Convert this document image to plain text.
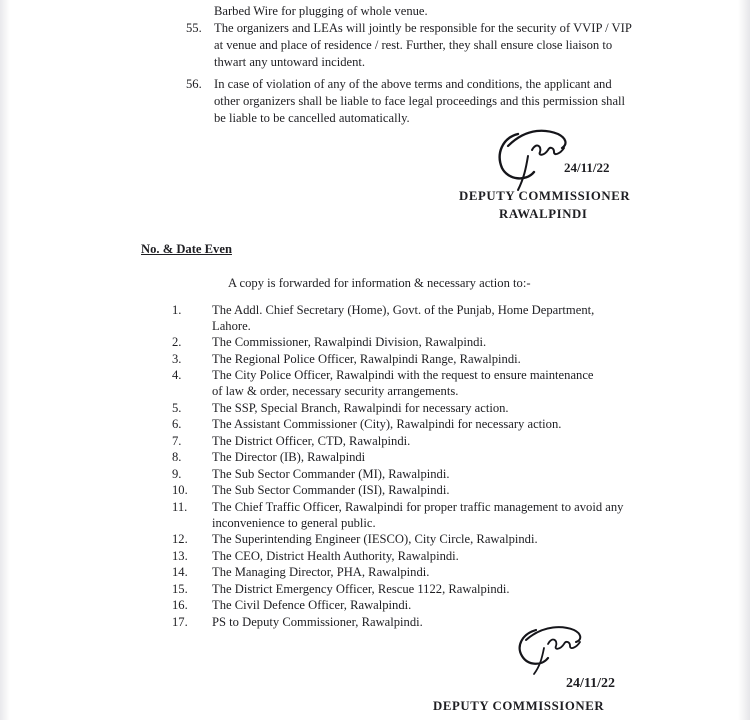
Barbed Wire for plugging of whole venue.
55. The organizers and LEAs will jointly be responsible for the security of VVIP / VIP
at venue and place of residence / rest. Further, they shall ensure close liaison to
thwart any untoward incident.
56. In case of violation of any of the above terms and conditions, the applicant and
other organizers shall be liable to face legal proceedings and this permission shall
be liable to be cancelled automatically.
24/11/22
DEPUTY COMMISSIONER
RAWALPINDI
No. & Date Even
A copy is forwarded for information & necessary action to:-
1. The Addl. Chief Secretary (Home), Govt. of the Punjab, Home Department,
Lahore.
2. The Commissioner, Rawalpindi Division, Rawalpindi.
3. The Regional Police Officer, Rawalpindi Range, Rawalpindi.
4. The City Police Officer, Rawalpindi with the request to ensure maintenance
of law & order, necessary security arrangements.
5. The SSP, Special Branch, Rawalpindi for necessary action.
6. The Assistant Commissioner (City), Rawalpindi for necessary action.
7. The District Officer, CTD, Rawalpindi.
8. The Director (IB), Rawalpindi
9. The Sub Sector Commander (MI), Rawalpindi.
10. The Sub Sector Commander (ISI), Rawalpindi.
11. The Chief Traffic Officer, Rawalpindi for proper traffic management to avoid any
inconvenience to general public.
12. The Superintending Engineer (IESCO), City Circle, Rawalpindi.
13. The CEO, District Health Authority, Rawalpindi.
14. The Managing Director, PHA, Rawalpindi.
15. The District Emergency Officer, Rescue 1122, Rawalpindi.
16. The Civil Defence Officer, Rawalpindi.
17. PS to Deputy Commissioner, Rawalpindi.
24/11/22
DEPUTY COMMISSIONER
